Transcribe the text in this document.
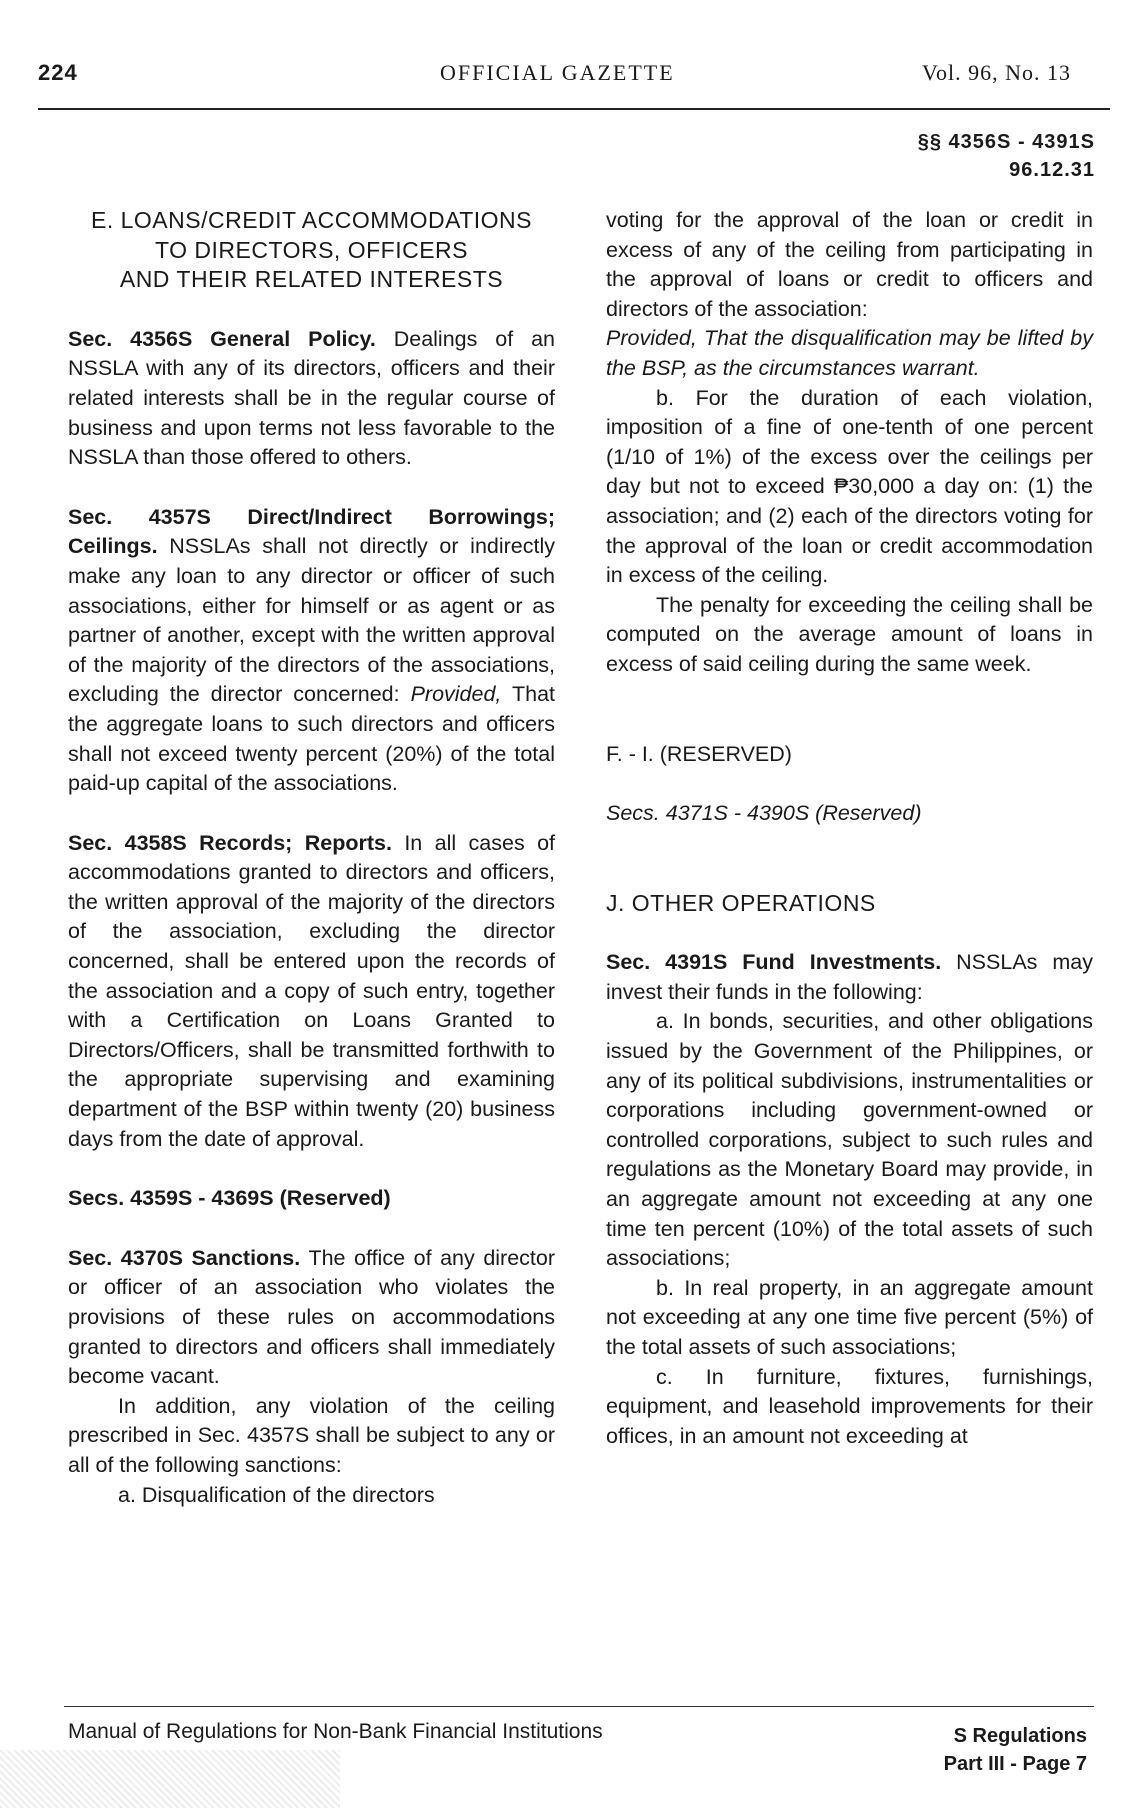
224	OFFICIAL GAZETTE	Vol. 96, No. 13
§§ 4356S - 4391S
96.12.31
E. LOANS/CREDIT ACCOMMODATIONS
TO DIRECTORS, OFFICERS
AND THEIR RELATED INTERESTS

Sec. 4356S General Policy. Dealings of an NSSLA with any of its directors, officers and their related interests shall be in the regular course of business and upon terms not less favorable to the NSSLA than those offered to others.

Sec. 4357S Direct/Indirect Borrowings; Ceilings. NSSLAs shall not directly or indirectly make any loan to any director or officer of such associations, either for himself or as agent or as partner of another, except with the written approval of the majority of the directors of the associations, excluding the director concerned: Provided, That the aggregate loans to such directors and officers shall not exceed twenty percent (20%) of the total paid-up capital of the associations.

Sec. 4358S Records; Reports. In all cases of accommodations granted to directors and officers, the written approval of the majority of the directors of the association, excluding the director concerned, shall be entered upon the records of the association and a copy of such entry, together with a Certification on Loans Granted to Directors/Officers, shall be transmitted forthwith to the appropriate supervising and examining department of the BSP within twenty (20) business days from the date of approval.

Secs. 4359S - 4369S (Reserved)

Sec. 4370S Sanctions. The office of any director or officer of an association who violates the provisions of these rules on accommodations granted to directors and officers shall immediately become vacant.

In addition, any violation of the ceiling prescribed in Sec. 4357S shall be subject to any or all of the following sanctions:

a. Disqualification of the directors

voting for the approval of the loan or credit in excess of any of the ceiling from participating in the approval of loans or credit to officers and directors of the association:

Provided, That the disqualification may be lifted by the BSP, as the circumstances warrant.

b. For the duration of each violation, imposition of a fine of one-tenth of one percent (1/10 of 1%) of the excess over the ceilings per day but not to exceed ₱30,000 a day on: (1) the association; and (2) each of the directors voting for the approval of the loan or credit accommodation in excess of the ceiling.

The penalty for exceeding the ceiling shall be computed on the average amount of loans in excess of said ceiling during the same week.

F. - I. (RESERVED)

Secs. 4371S - 4390S (Reserved)

J. OTHER OPERATIONS

Sec. 4391S Fund Investments. NSSLAs may invest their funds in the following:

a. In bonds, securities, and other obligations issued by the Government of the Philippines, or any of its political subdivisions, instrumentalities or corporations including government-owned or controlled corporations, subject to such rules and regulations as the Monetary Board may provide, in an aggregate amount not exceeding at any one time ten percent (10%) of the total assets of such associations;

b. In real property, in an aggregate amount not exceeding at any one time five percent (5%) of the total assets of such associations;

c. In furniture, fixtures, furnishings, equipment, and leasehold improvements for their offices, in an amount not exceeding at

Manual of Regulations for Non-Bank Financial Institutions	S Regulations
Part III - Page 7
